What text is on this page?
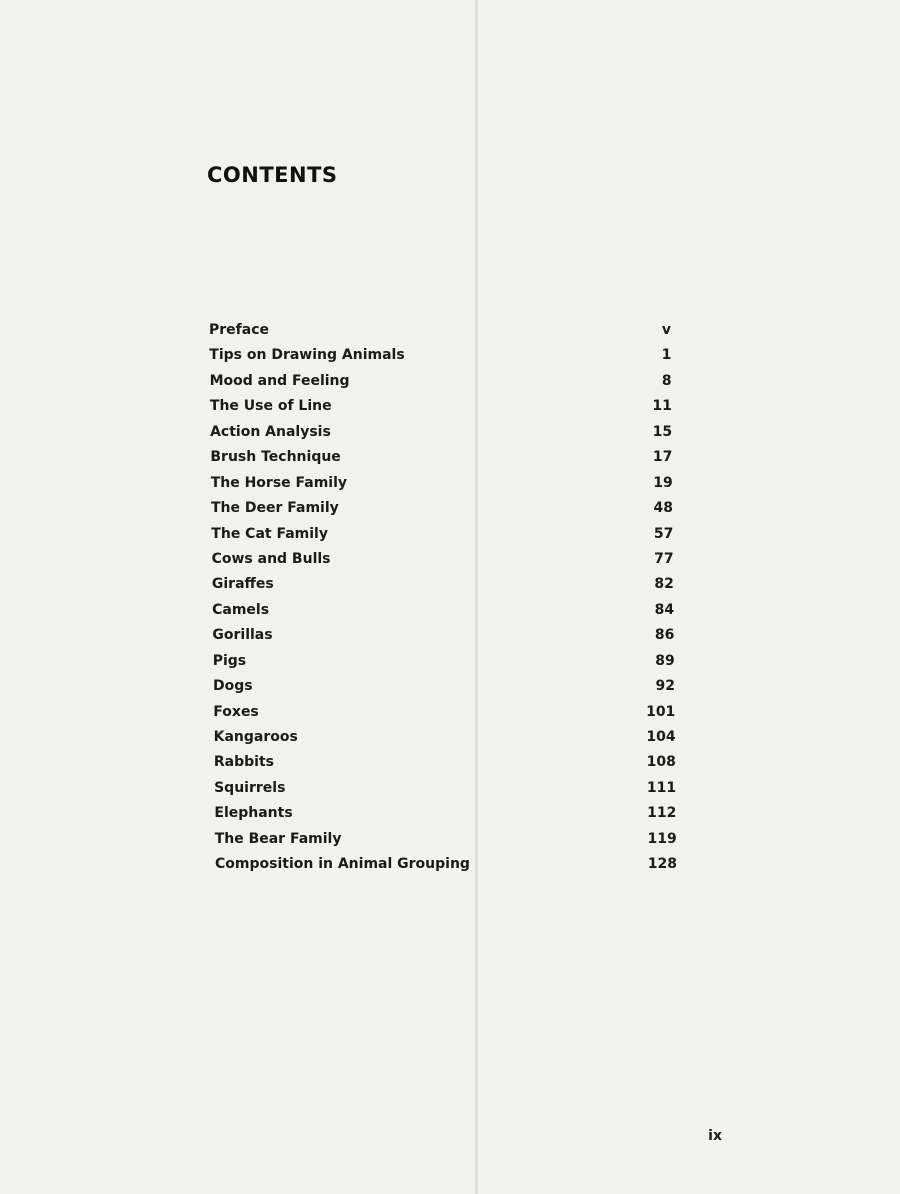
CONTENTS
Preface	v
Tips on Drawing Animals	1
Mood and Feeling	8
The Use of Line	11
Action Analysis	15
Brush Technique	17
The Horse Family	19
The Deer Family	48
The Cat Family	57
Cows and Bulls	77
Giraffes	82
Camels	84
Gorillas	86
Pigs	89
Dogs	92
Foxes	101
Kangaroos	104
Rabbits	108
Squirrels	111
Elephants	112
The Bear Family	119
Composition in Animal Grouping	128
ix
